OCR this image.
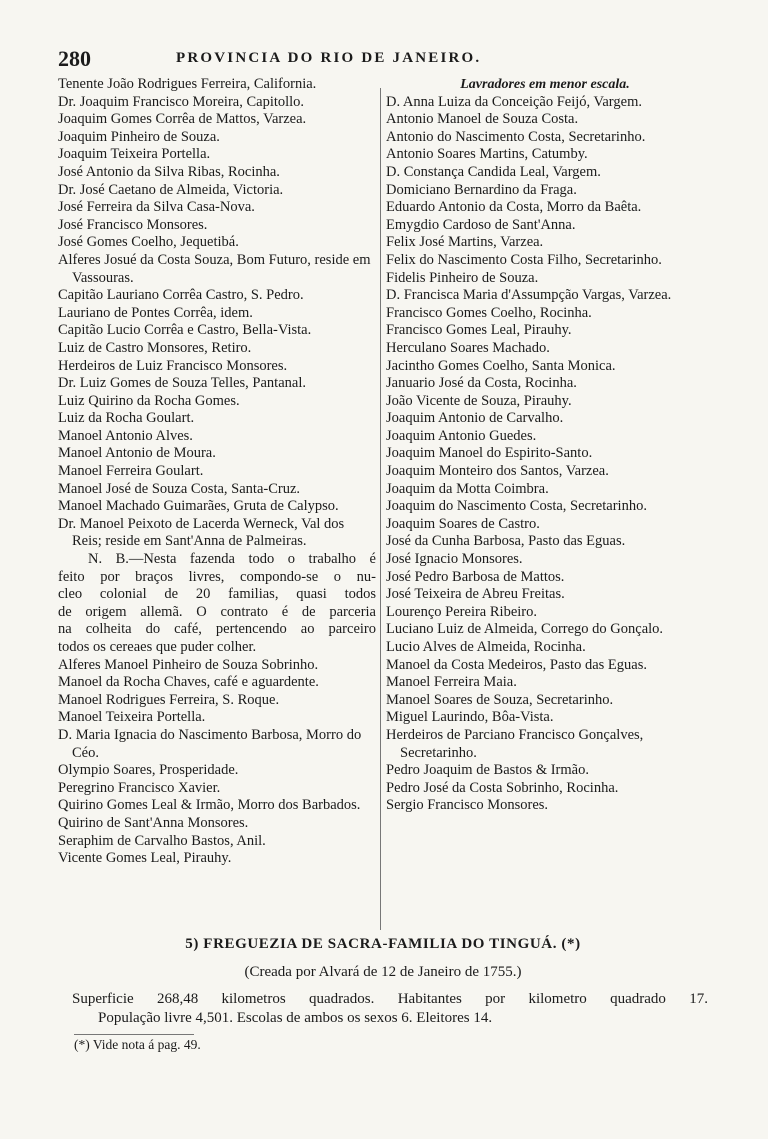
280	PROVINCIA DO RIO DE JANEIRO.
Tenente João Rodrigues Ferreira, California.
Dr. Joaquim Francisco Moreira, Capitollo.
Joaquim Gomes Corrêa de Mattos, Varzea.
Joaquim Pinheiro de Souza.
Joaquim Teixeira Portella.
José Antonio da Silva Ribas, Rocinha.
Dr. José Caetano de Almeida, Victoria.
José Ferreira da Silva Casa-Nova.
José Francisco Monsores.
José Gomes Coelho, Jequetibá.
Alferes Josué da Costa Souza, Bom Futuro, reside em Vassouras.
Capitão Lauriano Corrêa Castro, S. Pedro.
Lauriano de Pontes Corrêa, idem.
Capitão Lucio Corrêa e Castro, Bella-Vista.
Luiz de Castro Monsores, Retiro.
Herdeiros de Luiz Francisco Monsores.
Dr. Luiz Gomes de Souza Telles, Pantanal.
Luiz Quirino da Rocha Gomes.
Luiz da Rocha Goulart.
Manoel Antonio Alves.
Manoel Antonio de Moura.
Manoel Ferreira Goulart.
Manoel José de Souza Costa, Santa-Cruz.
Manoel Machado Guimarães, Gruta de Calypso.
Dr. Manoel Peixoto de Lacerda Werneck, Val dos Reis; reside em Sant'Anna de Palmeiras.
N. B.—Nesta fazenda todo o trabalho é
feito por braços livres, compondo-se o nu-
cleo colonial de 20 familias, quasi todos
de origem allemã. O contrato é de parceria
na colheita do café, pertencendo ao parceiro
todos os cereaes que puder colher.
Alferes Manoel Pinheiro de Souza Sobrinho.
Manoel da Rocha Chaves, café e aguardente.
Manoel Rodrigues Ferreira, S. Roque.
Manoel Teixeira Portella.
D. Maria Ignacia do Nascimento Barbosa, Morro do Céo.
Olympio Soares, Prosperidade.
Peregrino Francisco Xavier.
Quirino Gomes Leal & Irmão, Morro dos Barbados.
Quirino de Sant'Anna Monsores.
Seraphim de Carvalho Bastos, Anil.
Vicente Gomes Leal, Pirauhy.
Lavradores em menor escala.
D. Anna Luiza da Conceição Feijó, Vargem.
Antonio Manoel de Souza Costa.
Antonio do Nascimento Costa, Secretarinho.
Antonio Soares Martins, Catumby.
D. Constança Candida Leal, Vargem.
Domiciano Bernardino da Fraga.
Eduardo Antonio da Costa, Morro da Baêta.
Emygdio Cardoso de Sant'Anna.
Felix José Martins, Varzea.
Felix do Nascimento Costa Filho, Secretarinho.
Fidelis Pinheiro de Souza.
D. Francisca Maria d'Assumpção Vargas, Varzea.
Francisco Gomes Coelho, Rocinha.
Francisco Gomes Leal, Pirauhy.
Herculano Soares Machado.
Jacintho Gomes Coelho, Santa Monica.
Januario José da Costa, Rocinha.
João Vicente de Souza, Pirauhy.
Joaquim Antonio de Carvalho.
Joaquim Antonio Guedes.
Joaquim Manoel do Espirito-Santo.
Joaquim Monteiro dos Santos, Varzea.
Joaquim da Motta Coimbra.
Joaquim do Nascimento Costa, Secretarinho.
Joaquim Soares de Castro.
José da Cunha Barbosa, Pasto das Eguas.
José Ignacio Monsores.
José Pedro Barbosa de Mattos.
José Teixeira de Abreu Freitas.
Lourenço Pereira Ribeiro.
Luciano Luiz de Almeida, Corrego do Gonçalo.
Lucio Alves de Almeida, Rocinha.
Manoel da Costa Medeiros, Pasto das Eguas.
Manoel Ferreira Maia.
Manoel Soares de Souza, Secretarinho.
Miguel Laurindo, Bôa-Vista.
Herdeiros de Parciano Francisco Gonçalves, Secretarinho.
Pedro Joaquim de Bastos & Irmão.
Pedro José da Costa Sobrinho, Rocinha.
Sergio Francisco Monsores.
5) FREGUEZIA DE SACRA-FAMILIA DO TINGUÁ. (*)
(Creada por Alvará de 12 de Janeiro de 1755.)
Superficie 268,48 kilometros quadrados. Habitantes por kilometro quadrado 17.
População livre 4,501. Escolas de ambos os sexos 6. Eleitores 14.
(*) Vide nota á pag. 49.
